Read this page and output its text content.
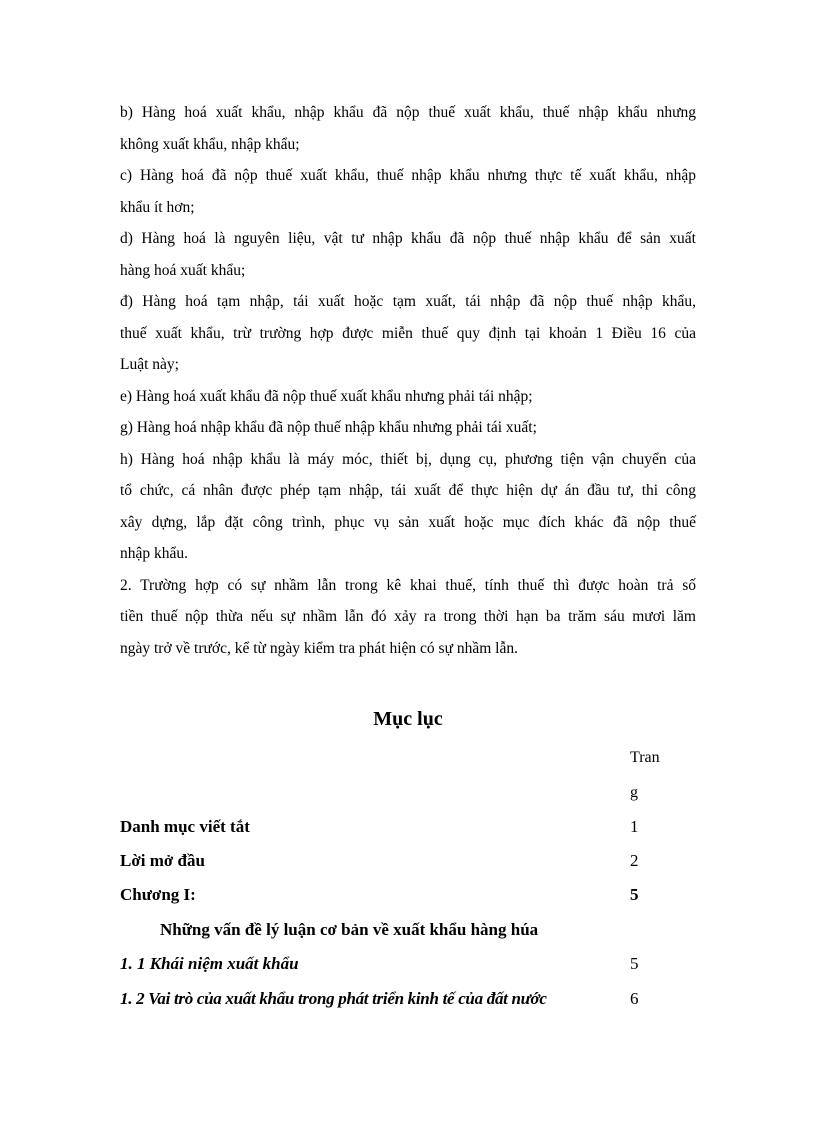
b) Hàng hoá xuất khẩu, nhập khẩu đã nộp thuế xuất khẩu, thuế nhập khẩu nhưng
không xuất khẩu, nhập khẩu;
c) Hàng hoá đã nộp thuế xuất khẩu, thuế nhập khẩu nhưng thực tế xuất khẩu, nhập
khẩu ít hơn;
d) Hàng hoá là nguyên liệu, vật tư nhập khẩu đã nộp thuế nhập khẩu để sản xuất
hàng hoá xuất khẩu;
đ) Hàng hoá tạm nhập, tái xuất hoặc tạm xuất, tái nhập đã nộp thuế nhập khẩu,
thuế xuất khẩu, trừ trường hợp được miễn thuế quy định tại khoản 1 Điều 16 của
Luật này;
e) Hàng hoá xuất khẩu đã nộp thuế xuất khẩu nhưng phải tái nhập;
g) Hàng hoá nhập khẩu đã nộp thuế nhập khẩu nhưng phải tái xuất;
h) Hàng hoá nhập khẩu là máy móc, thiết bị, dụng cụ, phương tiện vận chuyển của
tổ chức, cá nhân được phép tạm nhập, tái xuất để thực hiện dự án đầu tư, thi công
xây dựng, lắp đặt công trình, phục vụ sản xuất hoặc mục đích khác đã nộp thuế
nhập khẩu.
2. Trường hợp có sự nhầm lẫn trong kê khai thuế, tính thuế thì được hoàn trả số
tiền thuế nộp thừa nếu sự nhầm lẫn đó xảy ra trong thời hạn ba trăm sáu mươi lăm
ngày trở về trước, kể từ ngày kiểm tra phát hiện có sự nhầm lẫn.
Mục lục
Tran
g
Danh mục viết tắt	1
Lời mở đầu	2
Chương I:	5
Những vấn đề lý luận cơ bản về xuất khẩu hàng húa
1. 1 Khái niệm xuất khẩu	5
1. 2 Vai trò của xuất khẩu trong phát triển kinh tế của đất nước	6
